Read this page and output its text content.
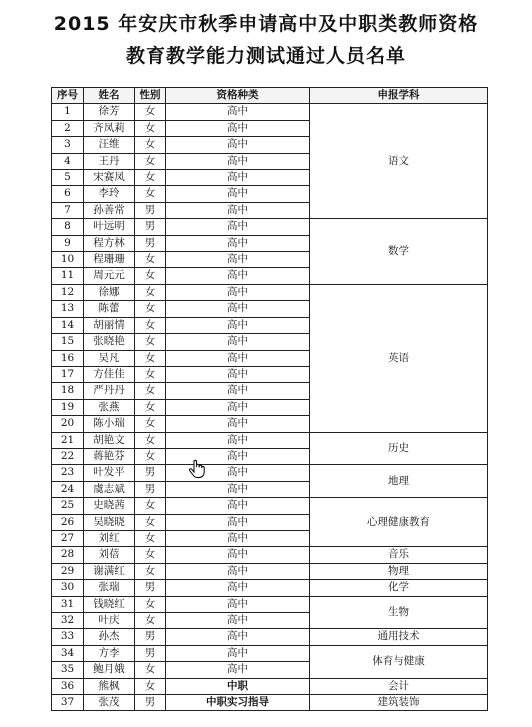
2015 年安庆市秋季申请高中及中职类教师资格
教育教学能力测试通过人员名单
序号	姓名	性别	资格种类	申报学科
1	徐芳	女	高中	语文
2	齐凤莉	女	高中	
3	汪维	女	高中	
4	王丹	女	高中	
5	宋赛凤	女	高中	
6	李玲	女	高中	
7	孙善常	男	高中	
8	叶远明	男	高中	数学
9	程方林	男	高中	
10	程珊珊	女	高中	
11	周元元	女	高中	
12	徐娜	女	高中	英语
13	陈蕾	女	高中	
14	胡丽情	女	高中	
15	张晓艳	女	高中	
16	吴凡	女	高中	
17	方佳佳	女	高中	
18	严丹丹	女	高中	
19	张燕	女	高中	
20	陈小瑞	女	高中	
21	胡艳文	女	高中	历史
22	蒋艳芬	女	高中	
23	叶发平	男	高中	地理
24	虞志斌	男	高中	
25	史晓茜	女	高中	心理健康教育
26	吴晓晓	女	高中	
27	刘红	女	高中	
28	刘蓓	女	高中	音乐
29	谢满红	女	高中	物理
30	张瑞	男	高中	化学
31	钱晓红	女	高中	生物
32	叶庆	女	高中	
33	孙杰	男	高中	通用技术
34	方李	男	高中	体育与健康
35	鲍月娥	女	高中	
36	熊枫	女	中职	会计
37	张茂	男	中职实习指导	建筑装饰
